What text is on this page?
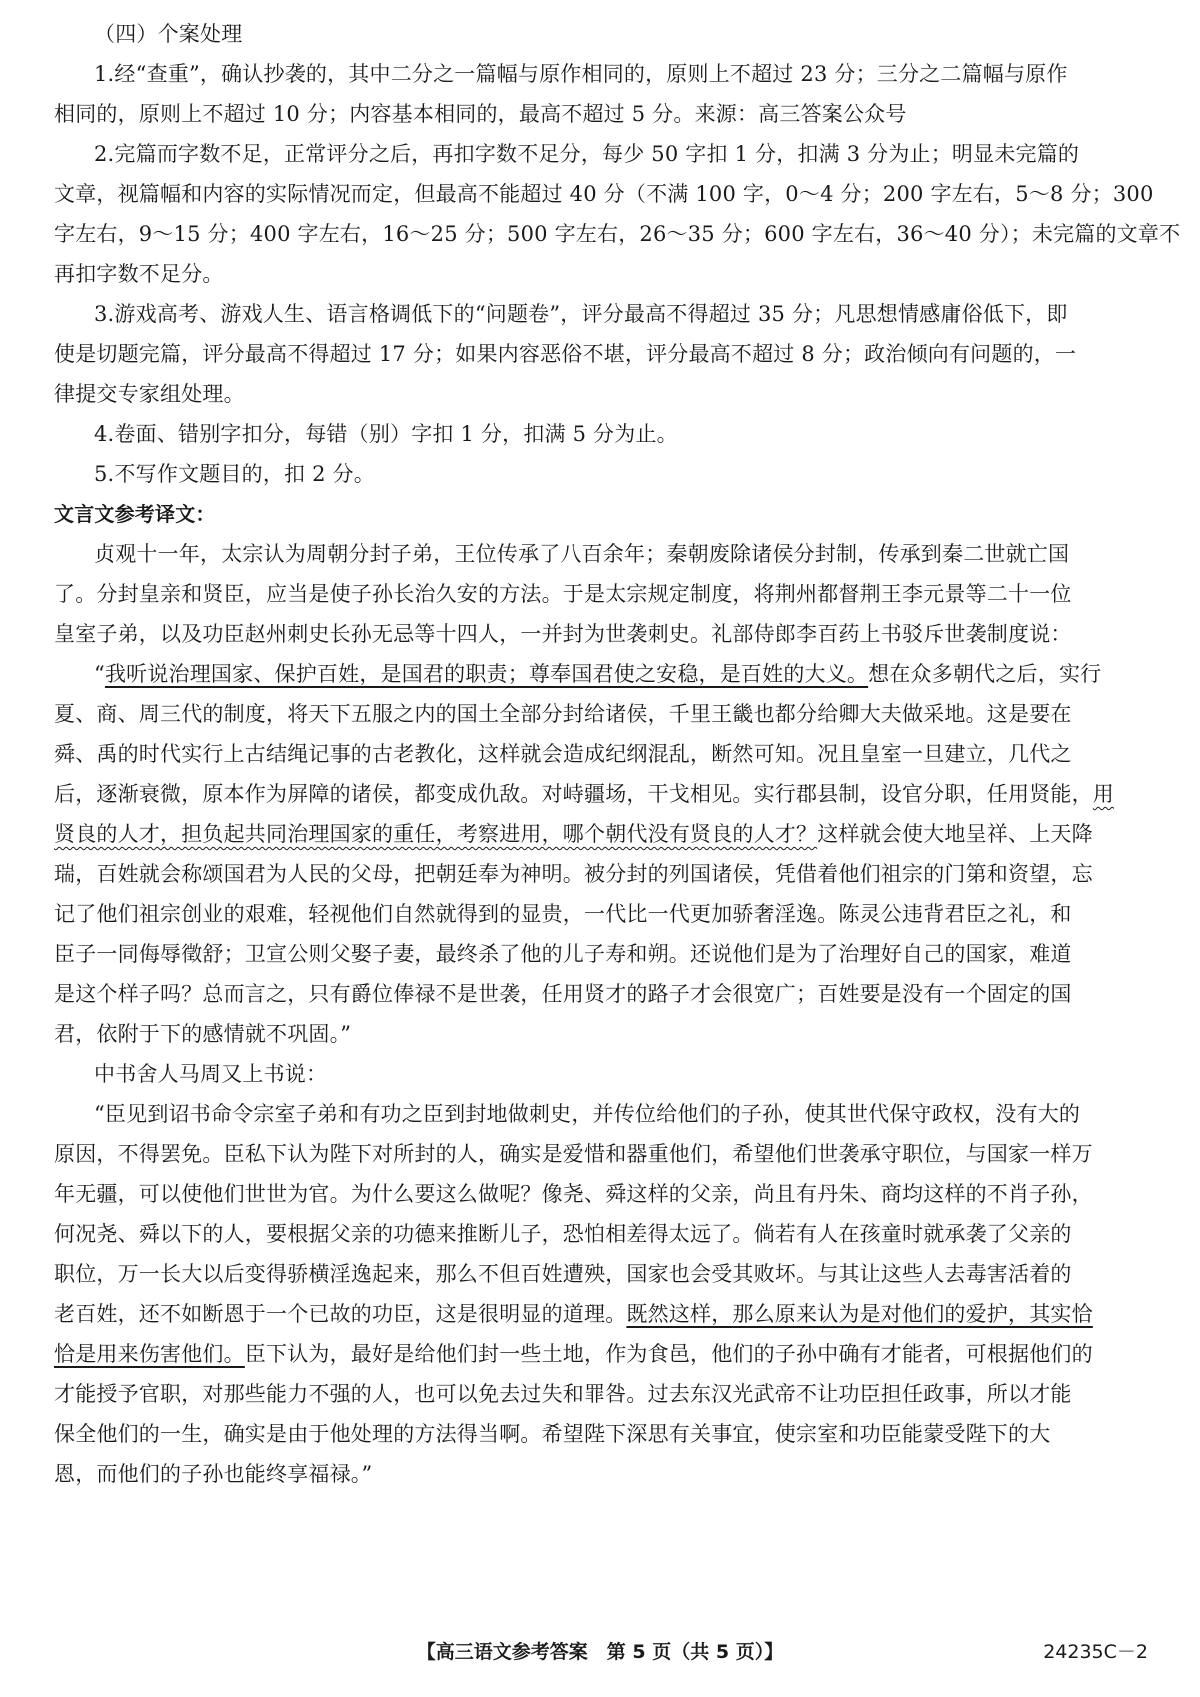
（四）个案处理

1.经“查重”，确认抄袭的，其中二分之一篇幅与原作相同的，原则上不超过 23 分；三分之二篇幅与原作

相同的，原则上不超过 10 分；内容基本相同的，最高不超过 5 分。来源：高三答案公众号

2.完篇而字数不足，正常评分之后，再扣字数不足分，每少 50 字扣 1 分，扣满 3 分为止；明显未完篇的

文章，视篇幅和内容的实际情况而定，但最高不能超过 40 分（不满 100 字，0～4 分；200 字左右，5～8 分；300

字左右，9～15 分；400 字左右，16～25 分；500 字左右，26～35 分；600 字左右，36～40 分）；未完篇的文章不

再扣字数不足分。

3.游戏高考、游戏人生、语言格调低下的“问题卷”，评分最高不得超过 35 分；凡思想情感庸俗低下，即

使是切题完篇，评分最高不得超过 17 分；如果内容恶俗不堪，评分最高不超过 8 分；政治倾向有问题的，一

律提交专家组处理。

4.卷面、错别字扣分，每错（别）字扣 1 分，扣满 5 分为止。

5.不写作文题目的，扣 2 分。

文言文参考译文：

贞观十一年，太宗认为周朝分封子弟，王位传承了八百余年；秦朝废除诸侯分封制，传承到秦二世就亡国

了。分封皇亲和贤臣，应当是使子孙长治久安的方法。于是太宗规定制度，将荆州都督荆王李元景等二十一位

皇室子弟，以及功臣赵州刺史长孙无忌等十四人，一并封为世袭刺史。礼部侍郎李百药上书驳斥世袭制度说：

“我听说治理国家、保护百姓，是国君的职责；尊奉国君使之安稳，是百姓的大义。想在众多朝代之后，实行

夏、商、周三代的制度，将天下五服之内的国土全部分封给诸侯，千里王畿也都分给卿大夫做采地。这是要在

舜、禹的时代实行上古结绳记事的古老教化，这样就会造成纪纲混乱，断然可知。况且皇室一旦建立，几代之

后，逐渐衰微，原本作为屏障的诸侯，都变成仇敌。对峙疆场，干戈相见。实行郡县制，设官分职，任用贤能，用

贤良的人才，担负起共同治理国家的重任，考察进用，哪个朝代没有贤良的人才？这样就会使大地呈祥、上天降

瑞，百姓就会称颂国君为人民的父母，把朝廷奉为神明。被分封的列国诸侯，凭借着他们祖宗的门第和资望，忘

记了他们祖宗创业的艰难，轻视他们自然就得到的显贵，一代比一代更加骄奢淫逸。陈灵公违背君臣之礼，和

臣子一同侮辱徵舒；卫宣公则父娶子妻，最终杀了他的儿子寿和朔。还说他们是为了治理好自己的国家，难道

是这个样子吗？总而言之，只有爵位俸禄不是世袭，任用贤才的路子才会很宽广；百姓要是没有一个固定的国

君，依附于下的感情就不巩固。”

中书舍人马周又上书说：

“臣见到诏书命令宗室子弟和有功之臣到封地做刺史，并传位给他们的子孙，使其世代保守政权，没有大的

原因，不得罢免。臣私下认为陛下对所封的人，确实是爱惜和器重他们，希望他们世袭承守职位，与国家一样万

年无疆，可以使他们世世为官。为什么要这么做呢？像尧、舜这样的父亲，尚且有丹朱、商均这样的不肖子孙，

何况尧、舜以下的人，要根据父亲的功德来推断儿子，恐怕相差得太远了。倘若有人在孩童时就承袭了父亲的

职位，万一长大以后变得骄横淫逸起来，那么不但百姓遭殃，国家也会受其败坏。与其让这些人去毒害活着的

老百姓，还不如断恩于一个已故的功臣，这是很明显的道理。既然这样，那么原来认为是对他们的爱护，其实恰

恰是用来伤害他们。臣下认为，最好是给他们封一些土地，作为食邑，他们的子孙中确有才能者，可根据他们的

才能授予官职，对那些能力不强的人，也可以免去过失和罪咎。过去东汉光武帝不让功臣担任政事，所以才能

保全他们的一生，确实是由于他处理的方法得当啊。希望陛下深思有关事宜，使宗室和功臣能蒙受陛下的大

恩，而他们的子孙也能终享福禄。”

【高三语文参考答案　第 5 页（共 5 页）】	24235C－2
